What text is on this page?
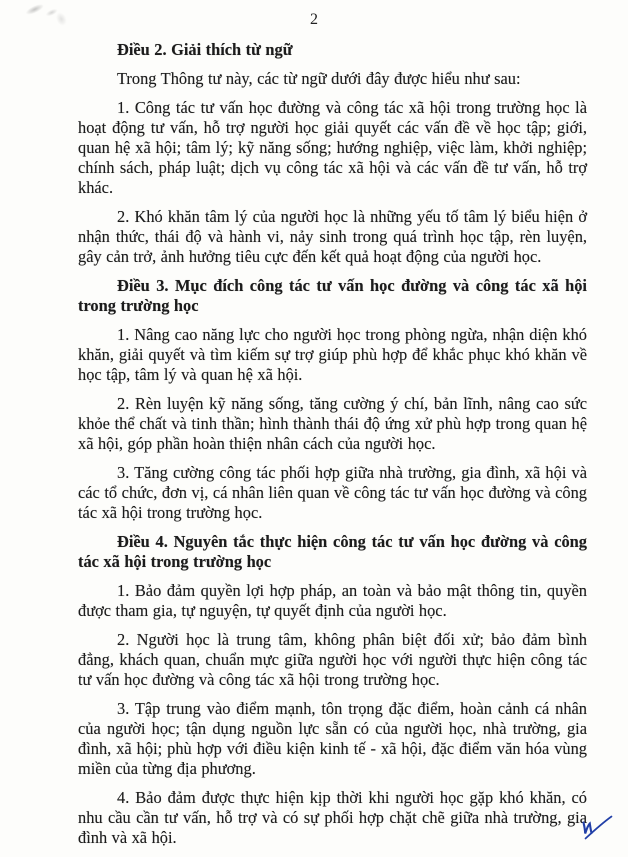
2
Điều 2. Giải thích từ ngữ
Trong Thông tư này, các từ ngữ dưới đây được hiểu như sau:
1. Công tác tư vấn học đường và công tác xã hội trong trường học là hoạt động tư vấn, hỗ trợ người học giải quyết các vấn đề về học tập; giới, quan hệ xã hội; tâm lý; kỹ năng sống; hướng nghiệp, việc làm, khởi nghiệp; chính sách, pháp luật; dịch vụ công tác xã hội và các vấn đề tư vấn, hỗ trợ khác.
2. Khó khăn tâm lý của người học là những yếu tố tâm lý biểu hiện ở nhận thức, thái độ và hành vi, nảy sinh trong quá trình học tập, rèn luyện, gây cản trở, ảnh hưởng tiêu cực đến kết quả hoạt động của người học.
Điều 3. Mục đích công tác tư vấn học đường và công tác xã hội trong trường học
1. Nâng cao năng lực cho người học trong phòng ngừa, nhận diện khó khăn, giải quyết và tìm kiếm sự trợ giúp phù hợp để khắc phục khó khăn về học tập, tâm lý và quan hệ xã hội.
2. Rèn luyện kỹ năng sống, tăng cường ý chí, bản lĩnh, nâng cao sức khỏe thể chất và tinh thần; hình thành thái độ ứng xử phù hợp trong quan hệ xã hội, góp phần hoàn thiện nhân cách của người học.
3. Tăng cường công tác phối hợp giữa nhà trường, gia đình, xã hội và các tổ chức, đơn vị, cá nhân liên quan về công tác tư vấn học đường và công tác xã hội trong trường học.
Điều 4. Nguyên tắc thực hiện công tác tư vấn học đường và công tác xã hội trong trường học
1. Bảo đảm quyền lợi hợp pháp, an toàn và bảo mật thông tin, quyền được tham gia, tự nguyện, tự quyết định của người học.
2. Người học là trung tâm, không phân biệt đối xử; bảo đảm bình đẳng, khách quan, chuẩn mực giữa người học với người thực hiện công tác tư vấn học đường và công tác xã hội trong trường học.
3. Tập trung vào điểm mạnh, tôn trọng đặc điểm, hoàn cảnh cá nhân của người học; tận dụng nguồn lực sẵn có của người học, nhà trường, gia đình, xã hội; phù hợp với điều kiện kinh tế - xã hội, đặc điểm văn hóa vùng miền của từng địa phương.
4. Bảo đảm được thực hiện kịp thời khi người học gặp khó khăn, có nhu cầu cần tư vấn, hỗ trợ và có sự phối hợp chặt chẽ giữa nhà trường, gia đình và xã hội.
